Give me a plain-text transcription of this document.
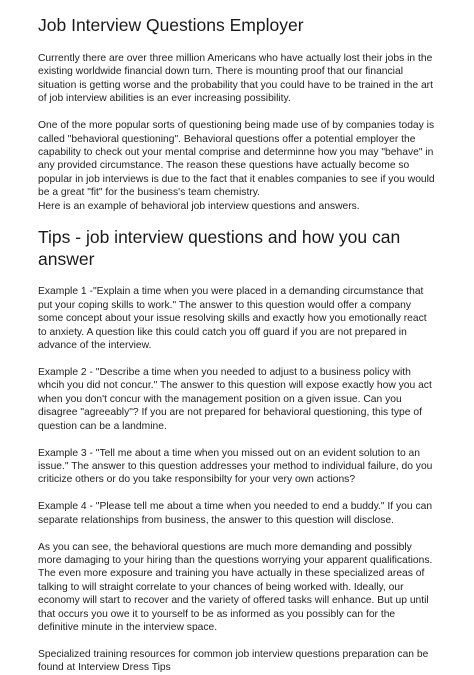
Job Interview Questions Employer

Currently there are over three million Americans who have actually lost their jobs in the existing worldwide financial down turn. There is mounting proof that our financial situation is getting worse and the probability that you could have to be trained in the art of job interview abilities is an ever increasing possibility.

One of the more popular sorts of questioning being made use of by companies today is called "behavioral questioning". Behavioral questions offer a potential employer the capability to check out your mental comprise and determinne how you may "behave" in any provided circumstance. The reason these questions have actually become so popular in job interviews is due to the fact that it enables companies to see if you would be a great "fit" for the business's team chemistry.

Here is an example of behavioral job interview questions and answers.

Tips - job interview questions and how you can answer

Example 1 -"Explain a time when you were placed in a demanding circumstance that put your coping skills to work." The answer to this question would offer a company some concept about your issue resolving skills and exactly how you emotionally react to anxiety. A question like this could catch you off guard if you are not prepared in advance of the interview.

Example 2 - "Describe a time when you needed to adjust to a business policy with whcih you did not concur." The answer to this question will expose exactly how you act when you don't concur with the management position on a given issue. Can you disagree "agreeably"? If you are not prepared for behavioral questioning, this type of question can be a landmine.

Example 3 - "Tell me about a time when you missed out on an evident solution to an issue." The answer to this question addresses your method to individual failure, do you criticize others or do you take responsibilty for your very own actions?

Example 4 - "Please tell me about a time when you needed to end a buddy." If you can separate relationships from business, the answer to this question will disclose.

As you can see, the behavioral questions are much more demanding and possibly more damaging to your hiring than the questions worrying your apparent qualifications. The even more exposure and training you have actually in these specialized areas of talking to will straight correlate to your chances of being worked with. Ideally, our economy will start to recover and the variety of offered tasks will enhance. But up until that occurs you owe it to yourself to be as informed as you possibly can for the definitive minute in the interview space.

Specialized training resources for common job interview questions preparation can be found at Interview Dress Tips
